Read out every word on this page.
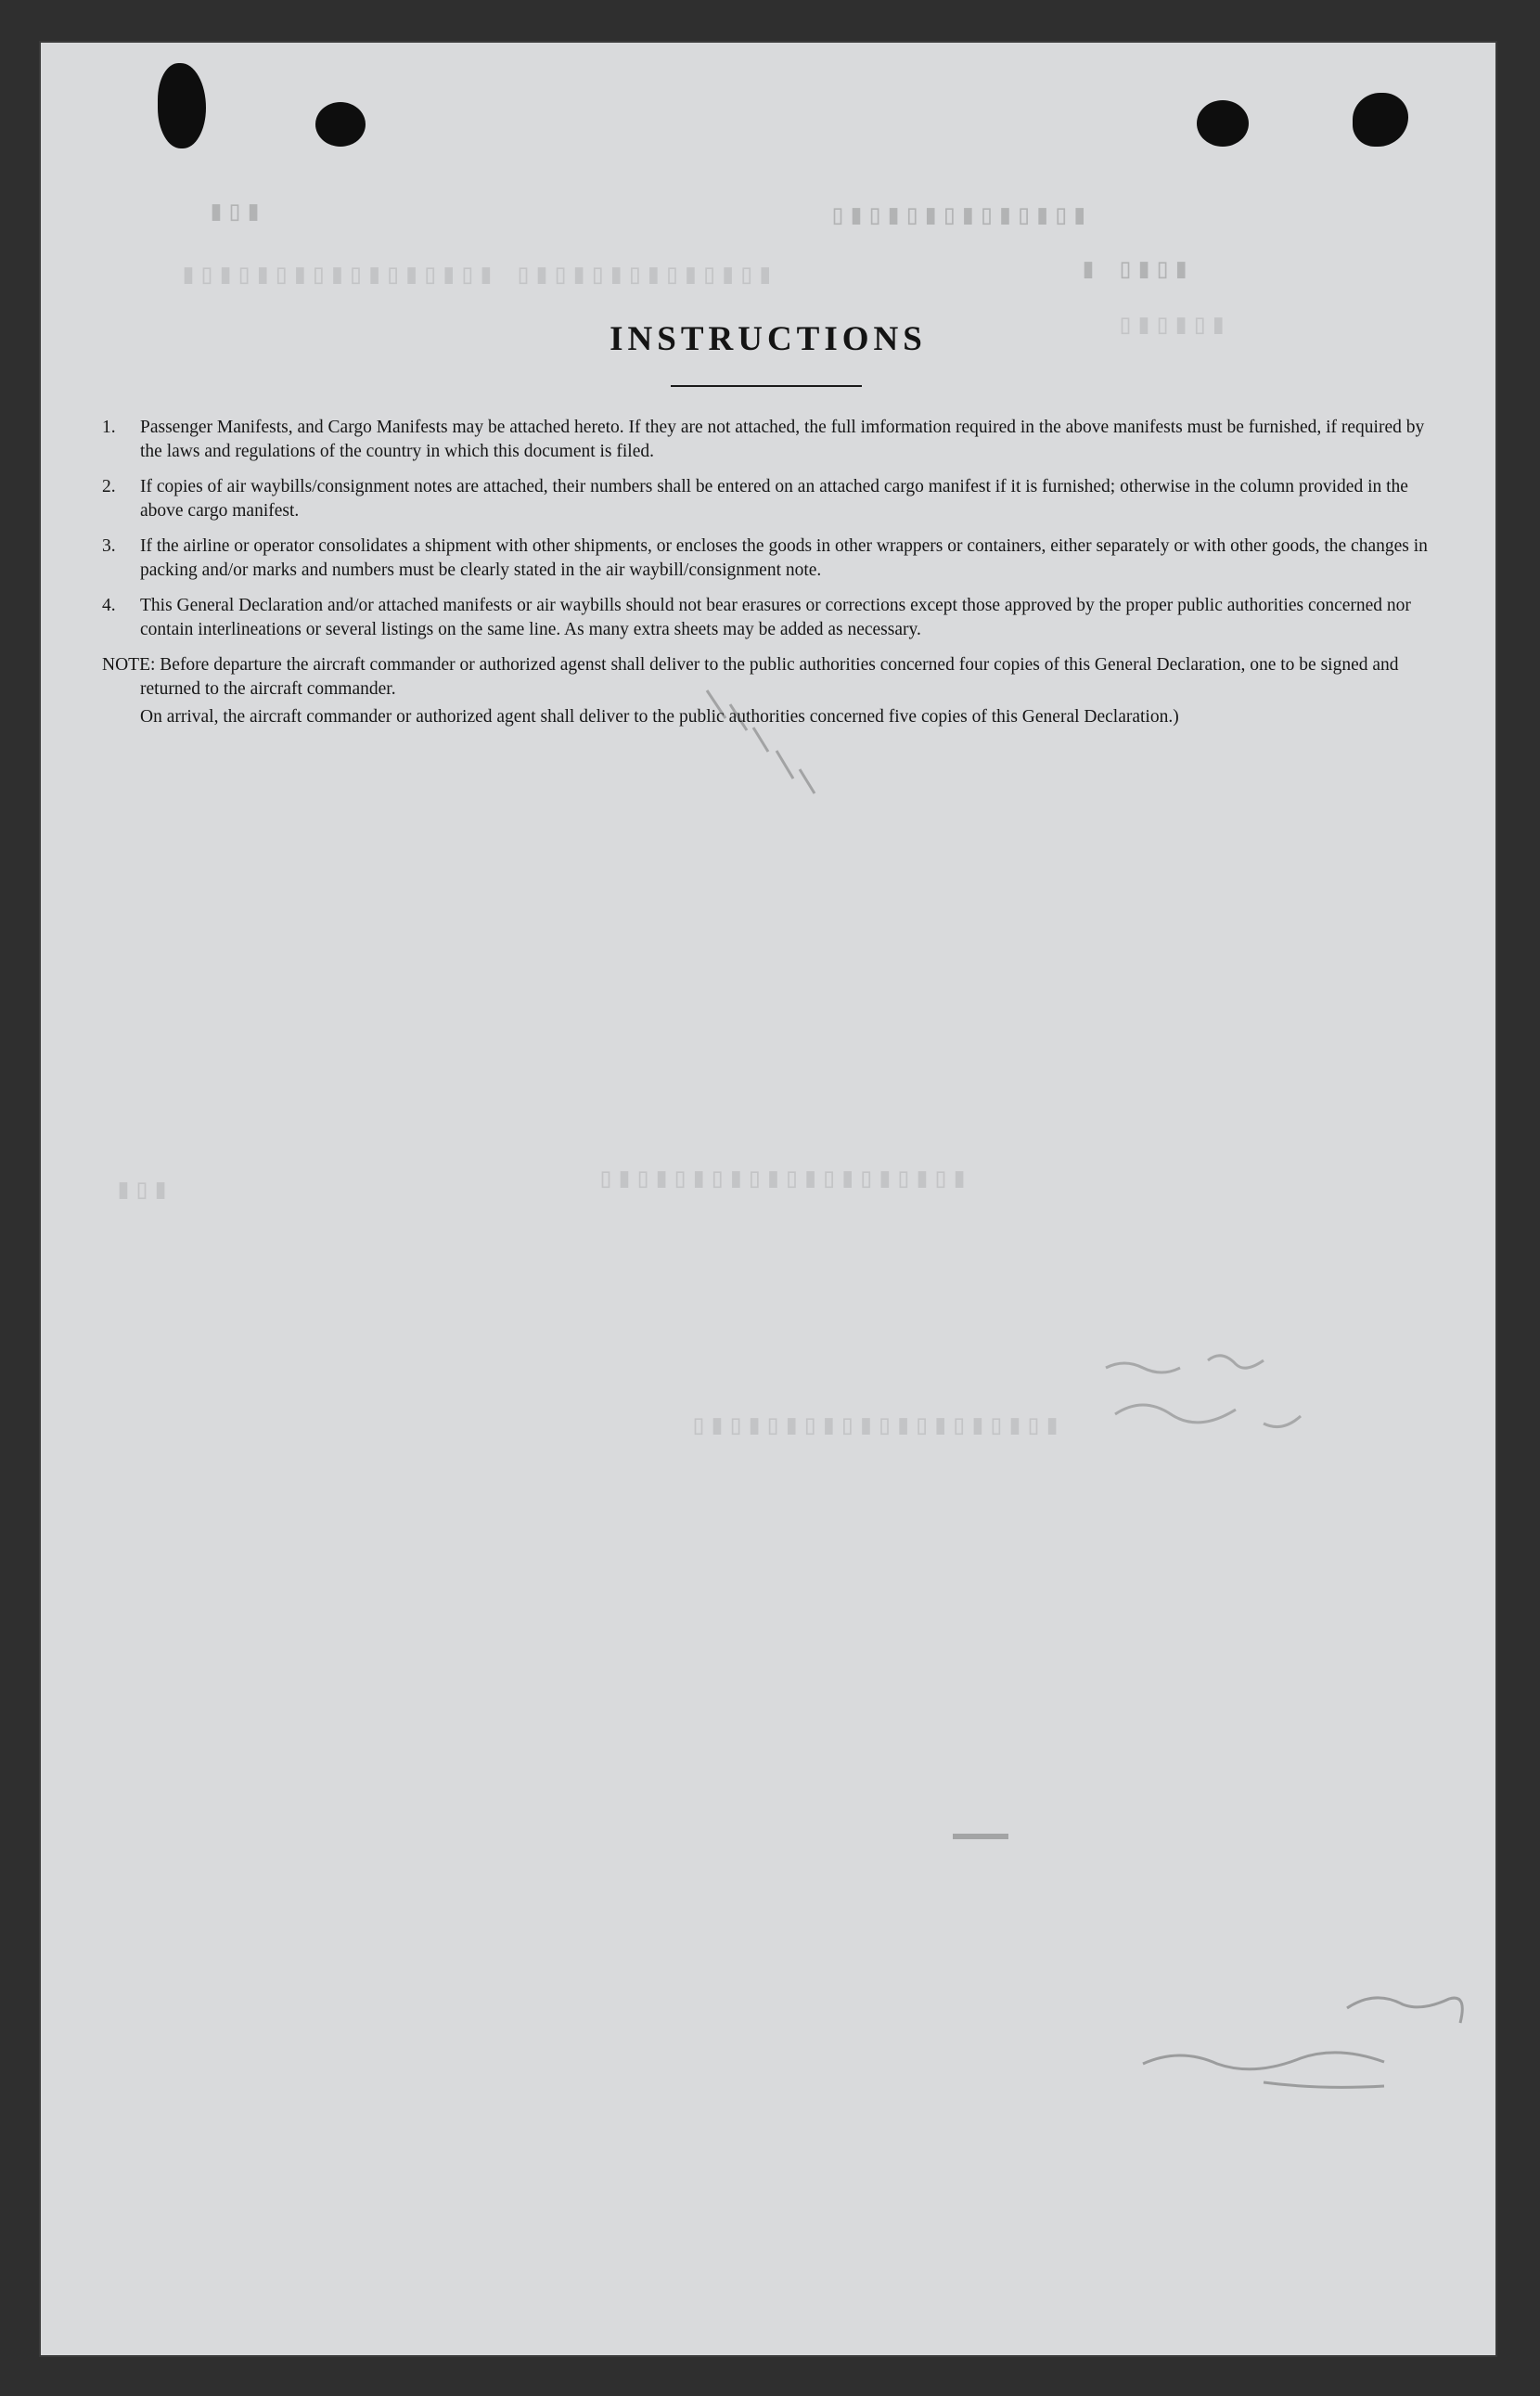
▮▯▮	▮▯▮▯▮▯▮▯▮▯▮▯▮▯
▮▯▮▯ ▮
▮▯▮▯▮▯▮▯▮▯▮▯▮▯ ▮▯▮▯▮▯▮▯▮▯▮▯▮▯▮▯▮
▮▯▮▯▮▯
▮▯▮▯▮▯▮▯▮▯▮▯▮▯▮▯▮▯▮▯
▮▯▮
▮▯▮▯▮▯▮▯▮▯▮▯▮▯▮▯▮▯▮▯
INSTRUCTIONS
1. Passenger Manifests, and Cargo Manifests may be attached hereto. If they are not attached, the full imformation required in the above manifests must be furnished, if required by the laws and regulations of the country in which this document is filed.
2. If copies of air waybills/consignment notes are attached, their numbers shall be entered on an attached cargo manifest if it is furnished; otherwise in the column provided in the above cargo manifest.
3. If the airline or operator consolidates a shipment with other shipments, or encloses the goods in other wrappers or containers, either separately or with other goods, the changes in packing and/or marks and numbers must be clearly stated in the air waybill/consignment note.
4. This General Declaration and/or attached manifests or air waybills should not bear erasures or corrections except those approved by the proper public authorities concerned nor contain interlineations or several listings on the same line. As many extra sheets may be added as necessary.
NOTE: Before departure the aircraft commander or authorized agenst shall deliver to the public authorities concerned four copies of this General Declaration, one to be signed and returned to the aircraft commander.
On arrival, the aircraft commander or authorized agent shall deliver to the public authorities concerned five copies of this General Declaration.)
